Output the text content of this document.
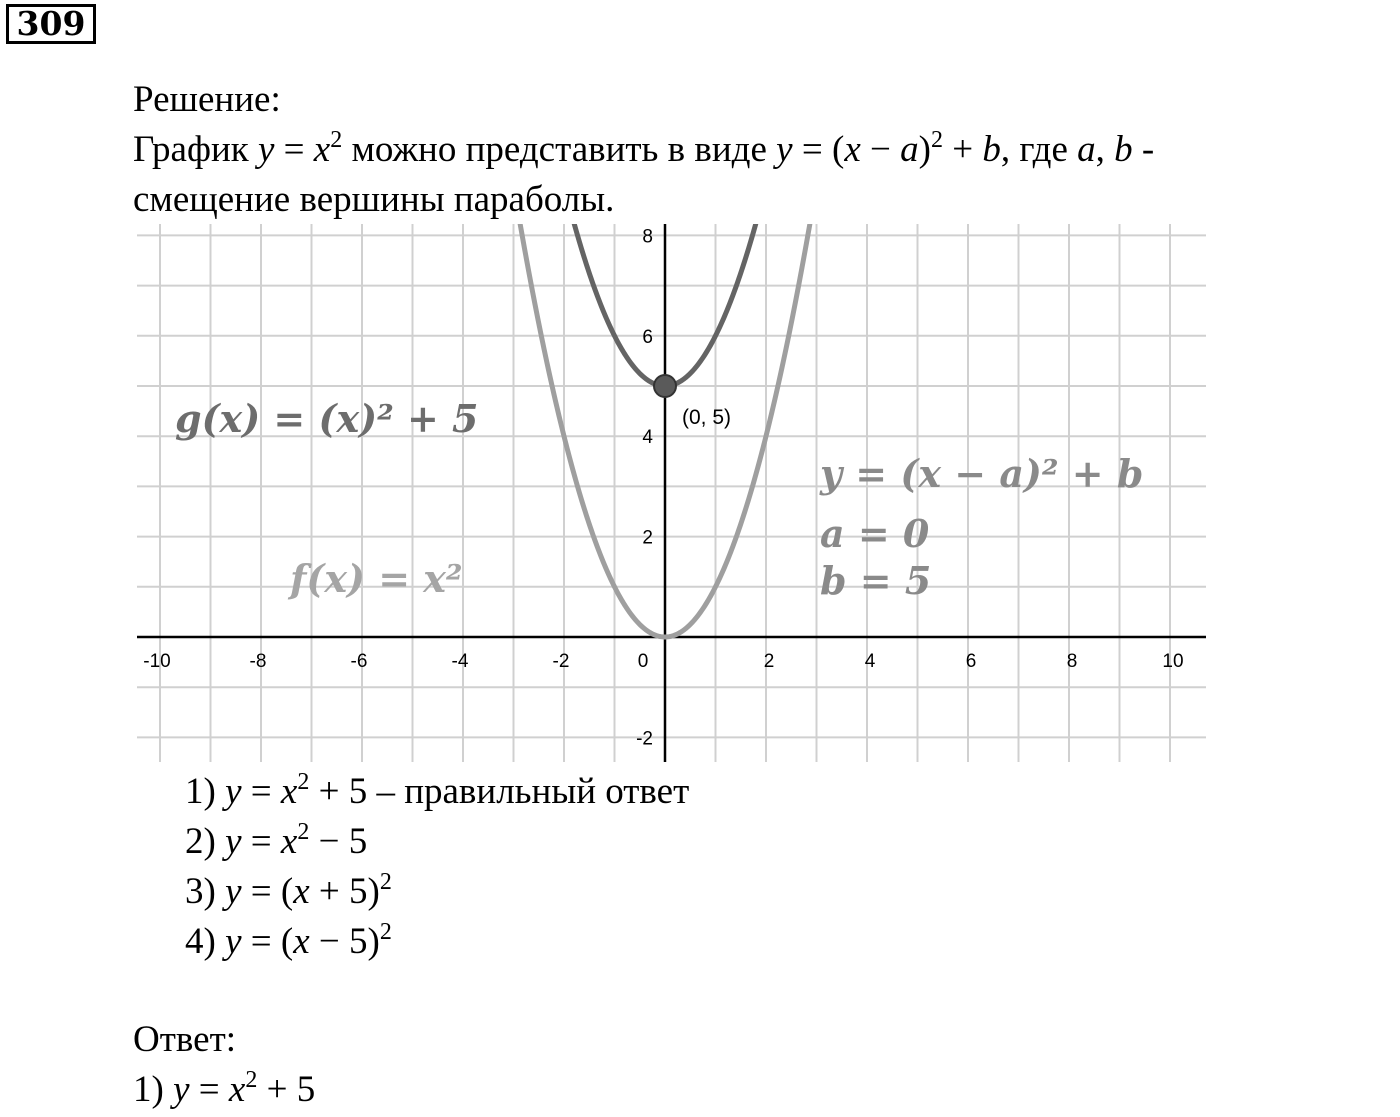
309
Решение:
График $y = x^2$ можно представить в виде $y = (x - a)^2 + b$, где a, b -
смещение вершины параболы.
-10	-8	-6	-4	-2	0	2	4	6	8	10
-2
2
4
6
8
(0, 5)
g(x) = (x)² + 5
f(x) = x²
y = (x − a)² + b
a = 0
b = 5
1) $y = x^2 + 5$ – правильный ответ
2) $y = x^2 - 5$
3) $y = (x + 5)^2$
4) $y = (x - 5)^2$
Ответ:
1) $y = x^2 + 5$
